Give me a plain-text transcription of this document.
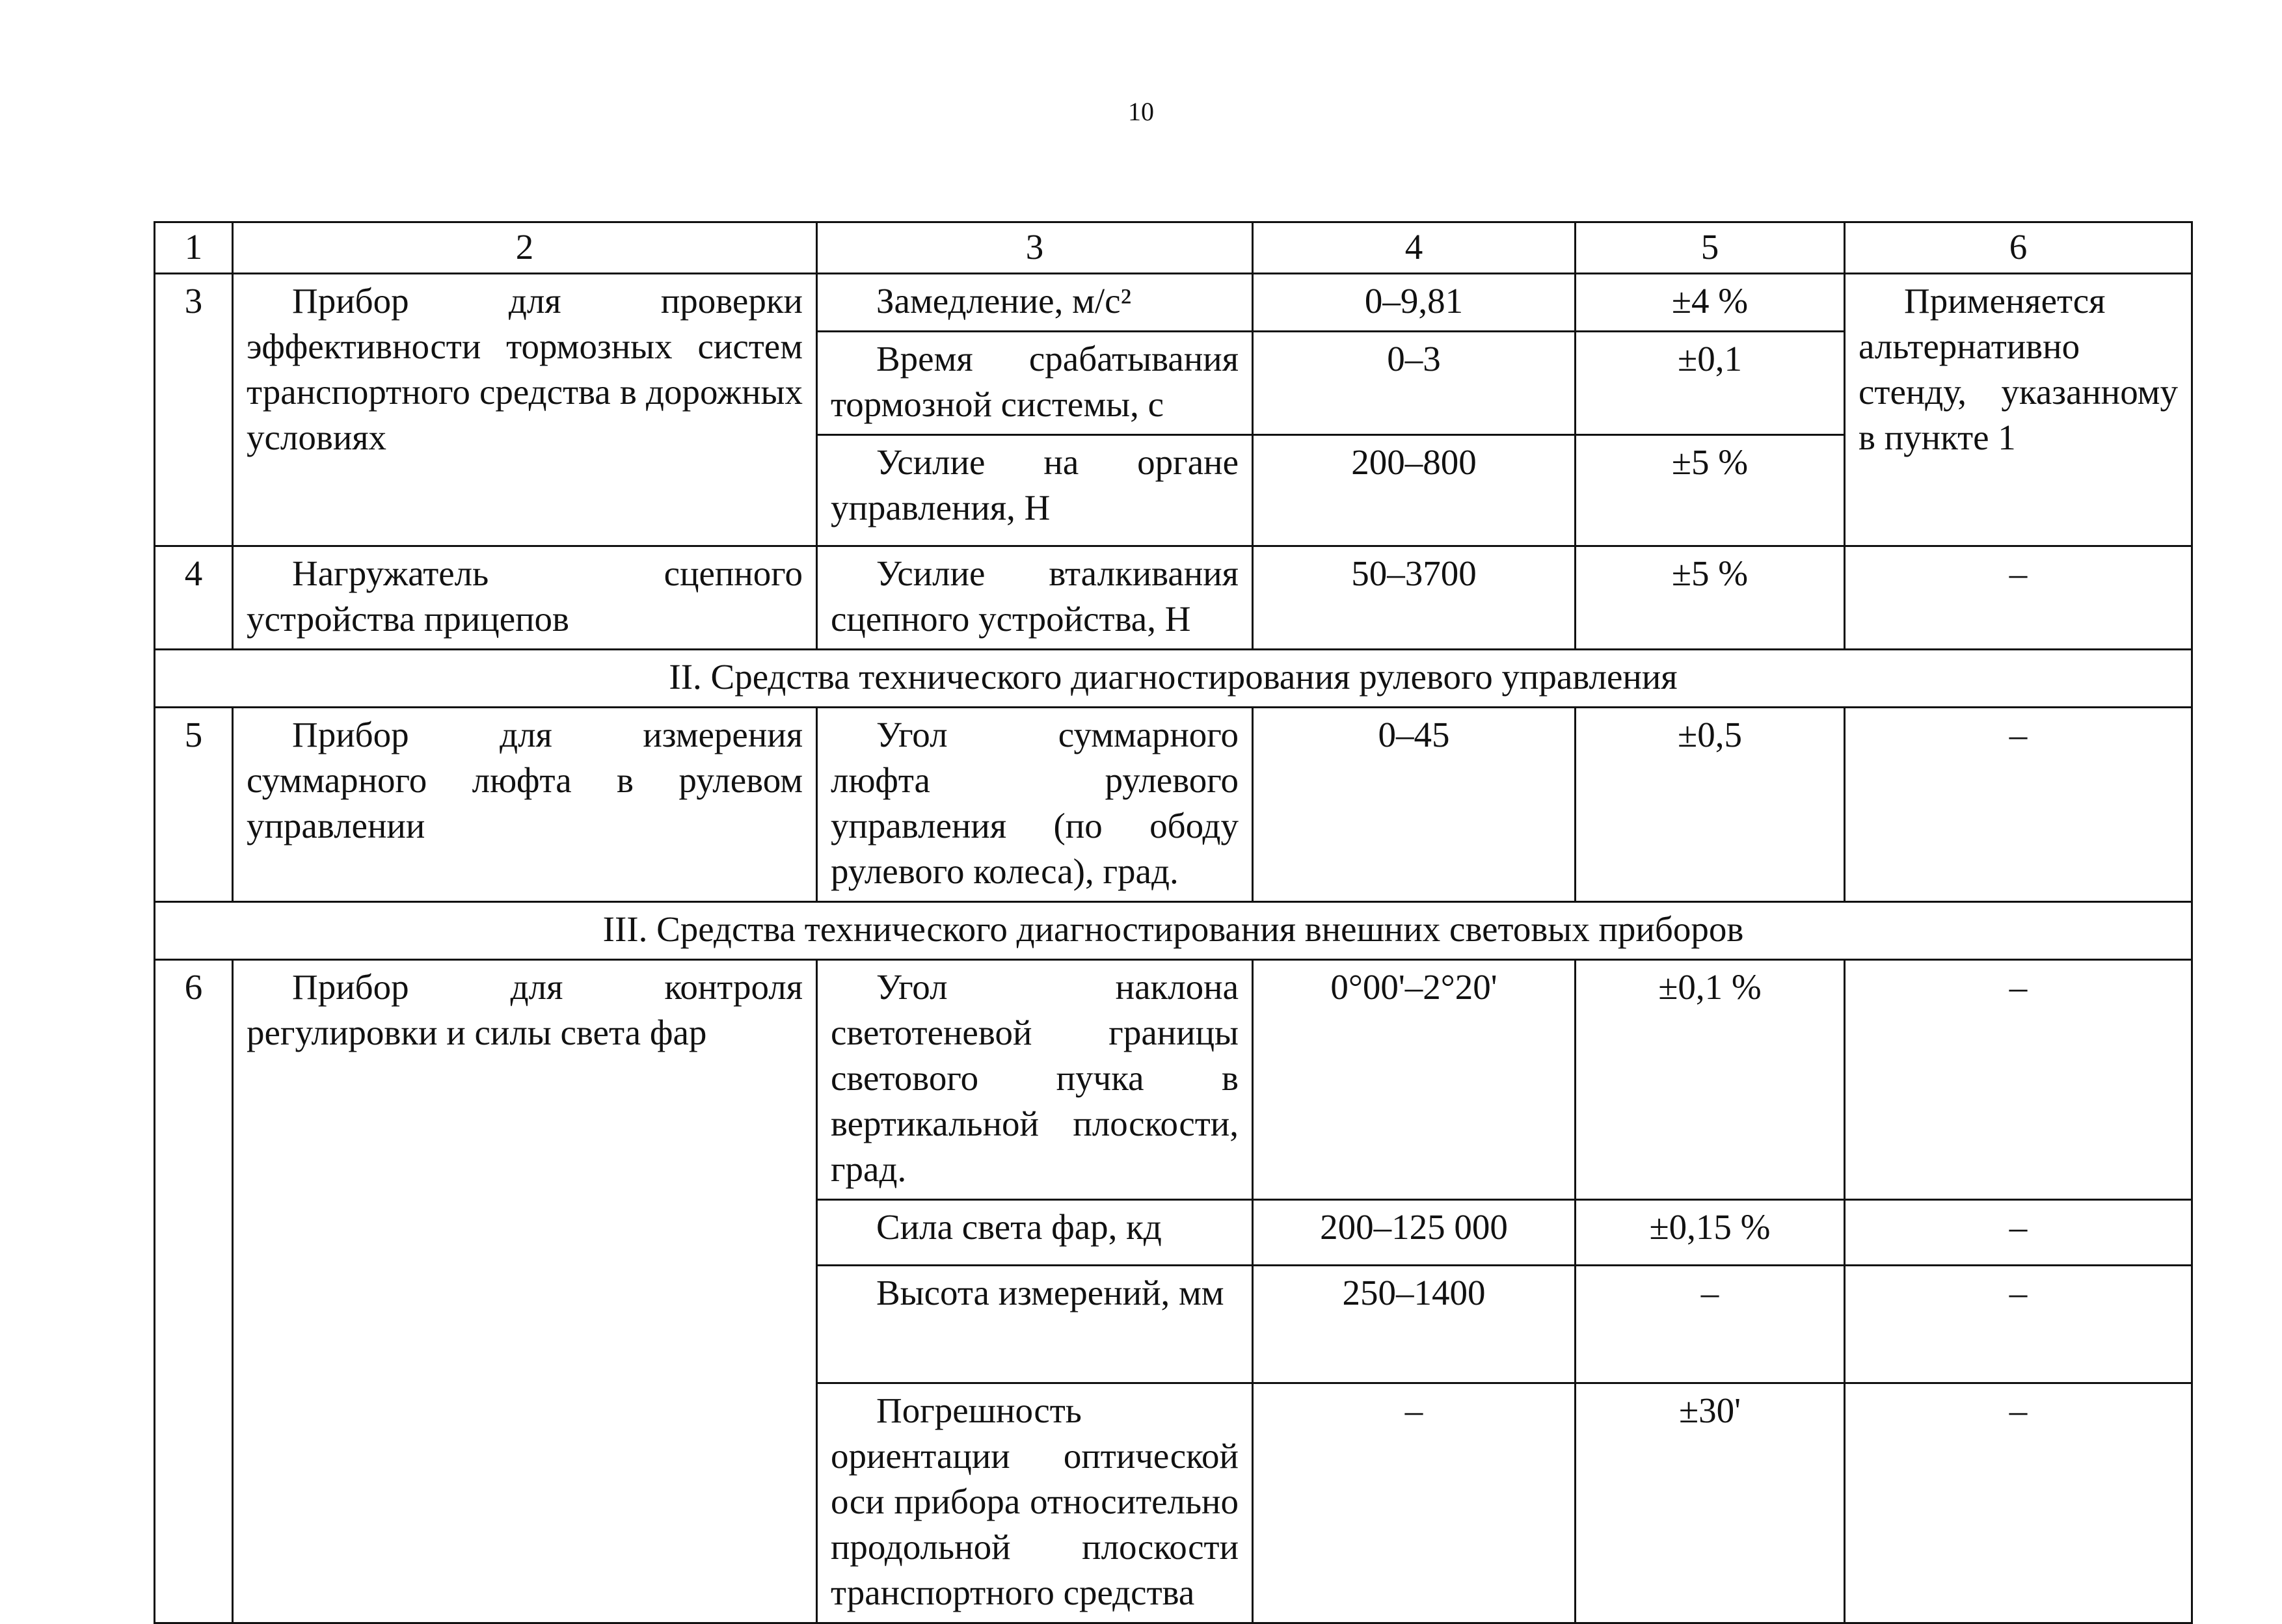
10
1	2	3	4	5	6
3	Прибор для проверки эффективности тормозных систем транспортного средства в дорожных условиях	Замедление, м/с²	0–9,81	±4 %	Применяется альтернативно стенду, указанному в пункте 1
		Время срабатывания тормозной системы, с	0–3	±0,1	
		Усилие на органе управления, Н	200–800	±5 %	
4	Нагружатель сцепного устройства прицепов	Усилие вталкивания сцепного устройства, Н	50–3700	±5 %	–
II. Средства технического диагностирования рулевого управления					
5	Прибор для измерения суммарного люфта в рулевом управлении	Угол суммарного люфта рулевого управления (по ободу рулевого колеса), град.	0–45	±0,5	–
III. Средства технического диагностирования внешних световых приборов					
6	Прибор для контроля регулировки и силы света фар	Угол наклона светотеневой границы светового пучка в вертикальной плоскости, град.	0°00'–2°20'	±0,1 %	–
		Сила света фар, кд	200–125 000	±0,15 %	–
		Высота измерений, мм	250–1400	–	–
		Погрешность ориентации оптической оси прибора относительно продольной плоскости транспортного средства	–	±30'	–
